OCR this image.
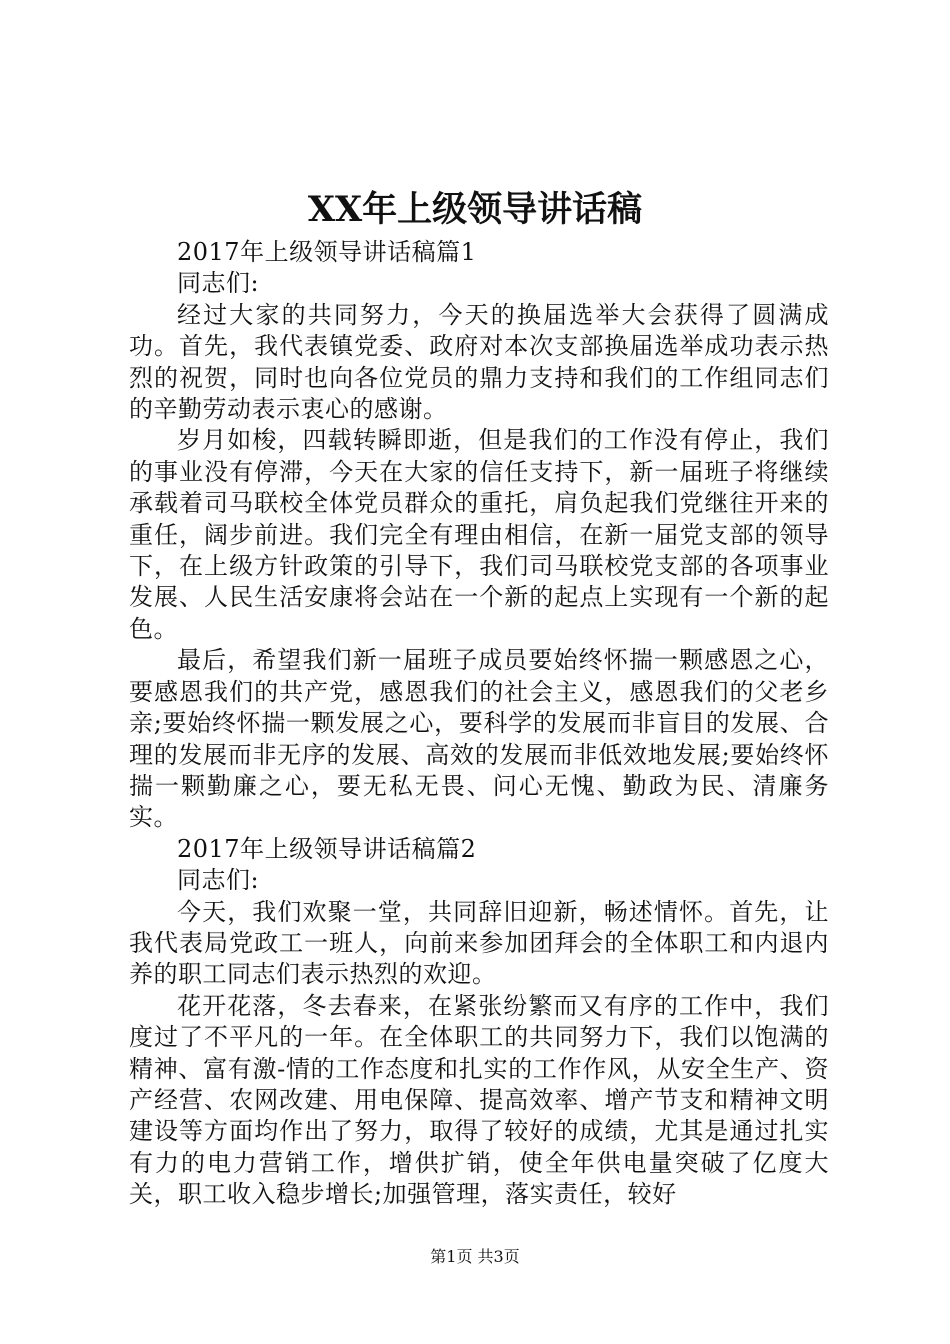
XX年上级领导讲话稿

2017年上级领导讲话稿篇1

同志们:

经过大家的共同努力，今天的换届选举大会获得了圆满成功。首先，我代表镇党委、政府对本次支部换届选举成功表示热烈的祝贺，同时也向各位党员的鼎力支持和我们的工作组同志们的辛勤劳动表示衷心的感谢。

岁月如梭，四载转瞬即逝，但是我们的工作没有停止，我们的事业没有停滞，今天在大家的信任支持下，新一届班子将继续承载着司马联校全体党员群众的重托，肩负起我们党继往开来的重任，阔步前进。我们完全有理由相信，在新一届党支部的领导下，在上级方针政策的引导下，我们司马联校党支部的各项事业发展、人民生活安康将会站在一个新的起点上实现有一个新的起色。

最后，希望我们新一届班子成员要始终怀揣一颗感恩之心，要感恩我们的共产党，感恩我们的社会主义，感恩我们的父老乡亲;要始终怀揣一颗发展之心，要科学的发展而非盲目的发展、合理的发展而非无序的发展、高效的发展而非低效地发展;要始终怀揣一颗勤廉之心，要无私无畏、问心无愧、勤政为民、清廉务实。

2017年上级领导讲话稿篇2

同志们:

今天，我们欢聚一堂，共同辞旧迎新，畅述情怀。首先，让我代表局党政工一班人，向前来参加团拜会的全体职工和内退内养的职工同志们表示热烈的欢迎。

花开花落，冬去春来，在紧张纷繁而又有序的工作中，我们度过了不平凡的一年。在全体职工的共同努力下，我们以饱满的精神、富有激-情的工作态度和扎实的工作作风，从安全生产、资产经营、农网改建、用电保障、提高效率、增产节支和精神文明建设等方面均作出了努力，取得了较好的成绩，尤其是通过扎实有力的电力营销工作，增供扩销，使全年供电量突破了亿度大关，职工收入稳步增长;加强管理，落实责任，较好

第1页 共3页
